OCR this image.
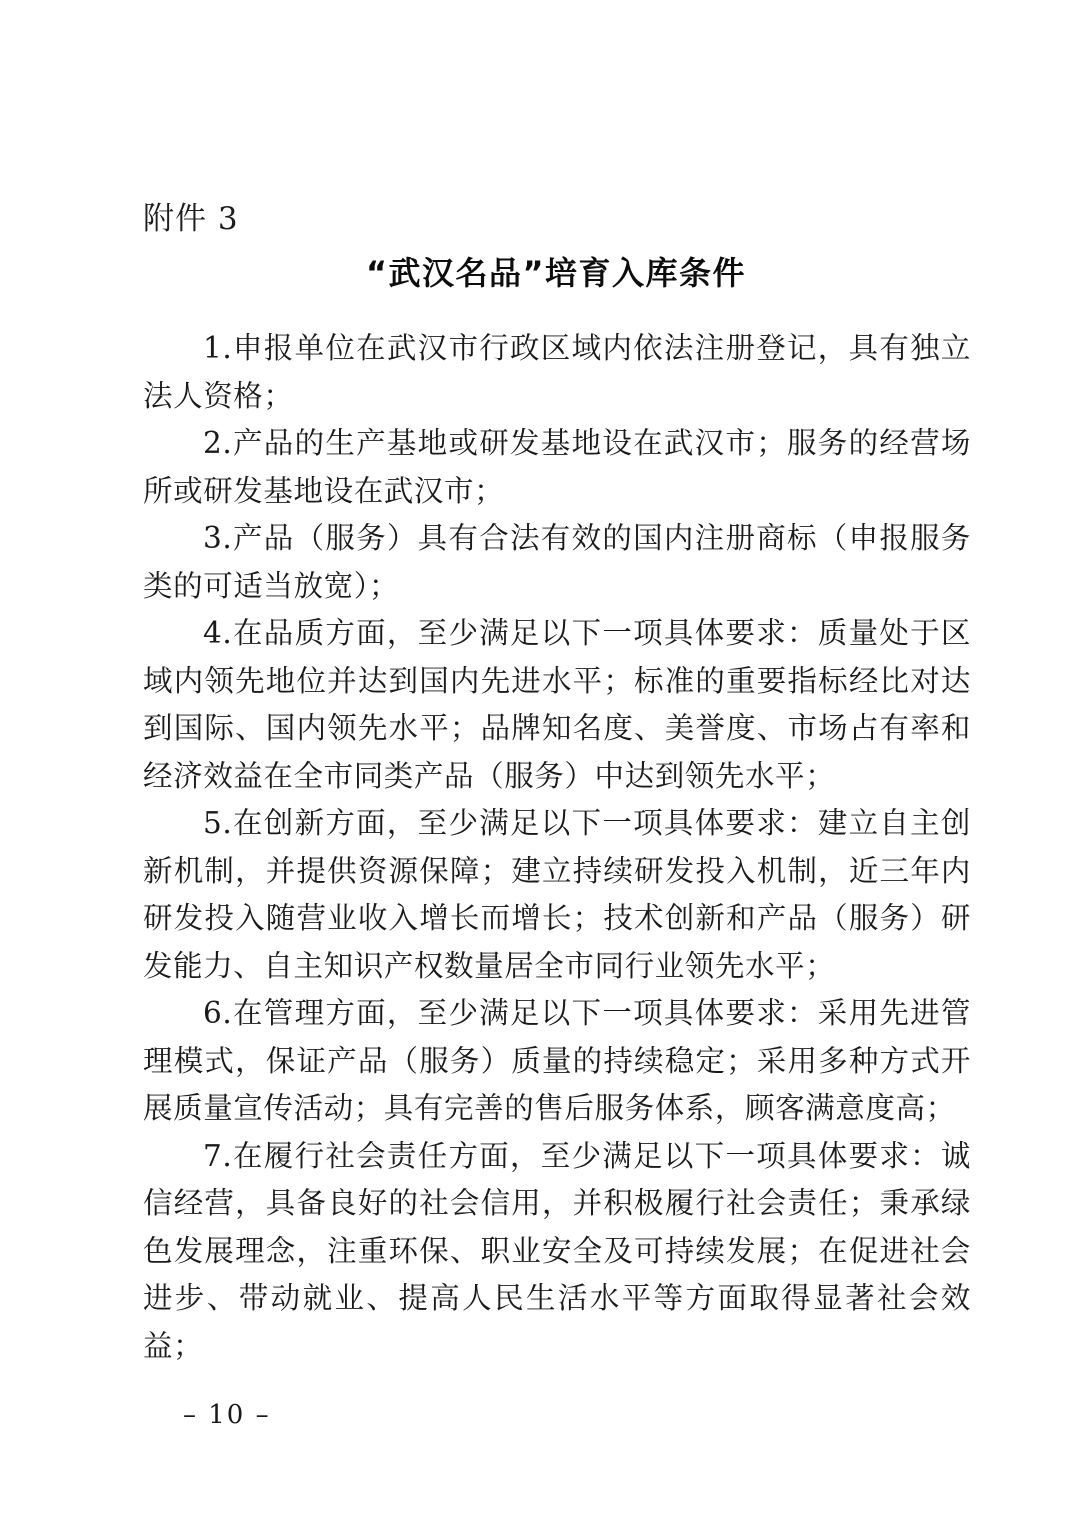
附件 3
“武汉名品”培育入库条件

1.申报单位在武汉市行政区域内依法注册登记，具有独立法人资格；

2.产品的生产基地或研发基地设在武汉市；服务的经营场所或研发基地设在武汉市；

3.产品（服务）具有合法有效的国内注册商标（申报服务类的可适当放宽）；

4.在品质方面，至少满足以下一项具体要求：质量处于区域内领先地位并达到国内先进水平；标准的重要指标经比对达到国际、国内领先水平；品牌知名度、美誉度、市场占有率和经济效益在全市同类产品（服务）中达到领先水平；

5.在创新方面，至少满足以下一项具体要求：建立自主创新机制，并提供资源保障；建立持续研发投入机制，近三年内研发投入随营业收入增长而增长；技术创新和产品（服务）研发能力、自主知识产权数量居全市同行业领先水平；

6.在管理方面，至少满足以下一项具体要求：采用先进管理模式，保证产品（服务）质量的持续稳定；采用多种方式开展质量宣传活动；具有完善的售后服务体系，顾客满意度高；

7.在履行社会责任方面，至少满足以下一项具体要求：诚信经营，具备良好的社会信用，并积极履行社会责任；秉承绿色发展理念，注重环保、职业安全及可持续发展；在促进社会进步、带动就业、提高人民生活水平等方面取得显著社会效益；

– 10 –
